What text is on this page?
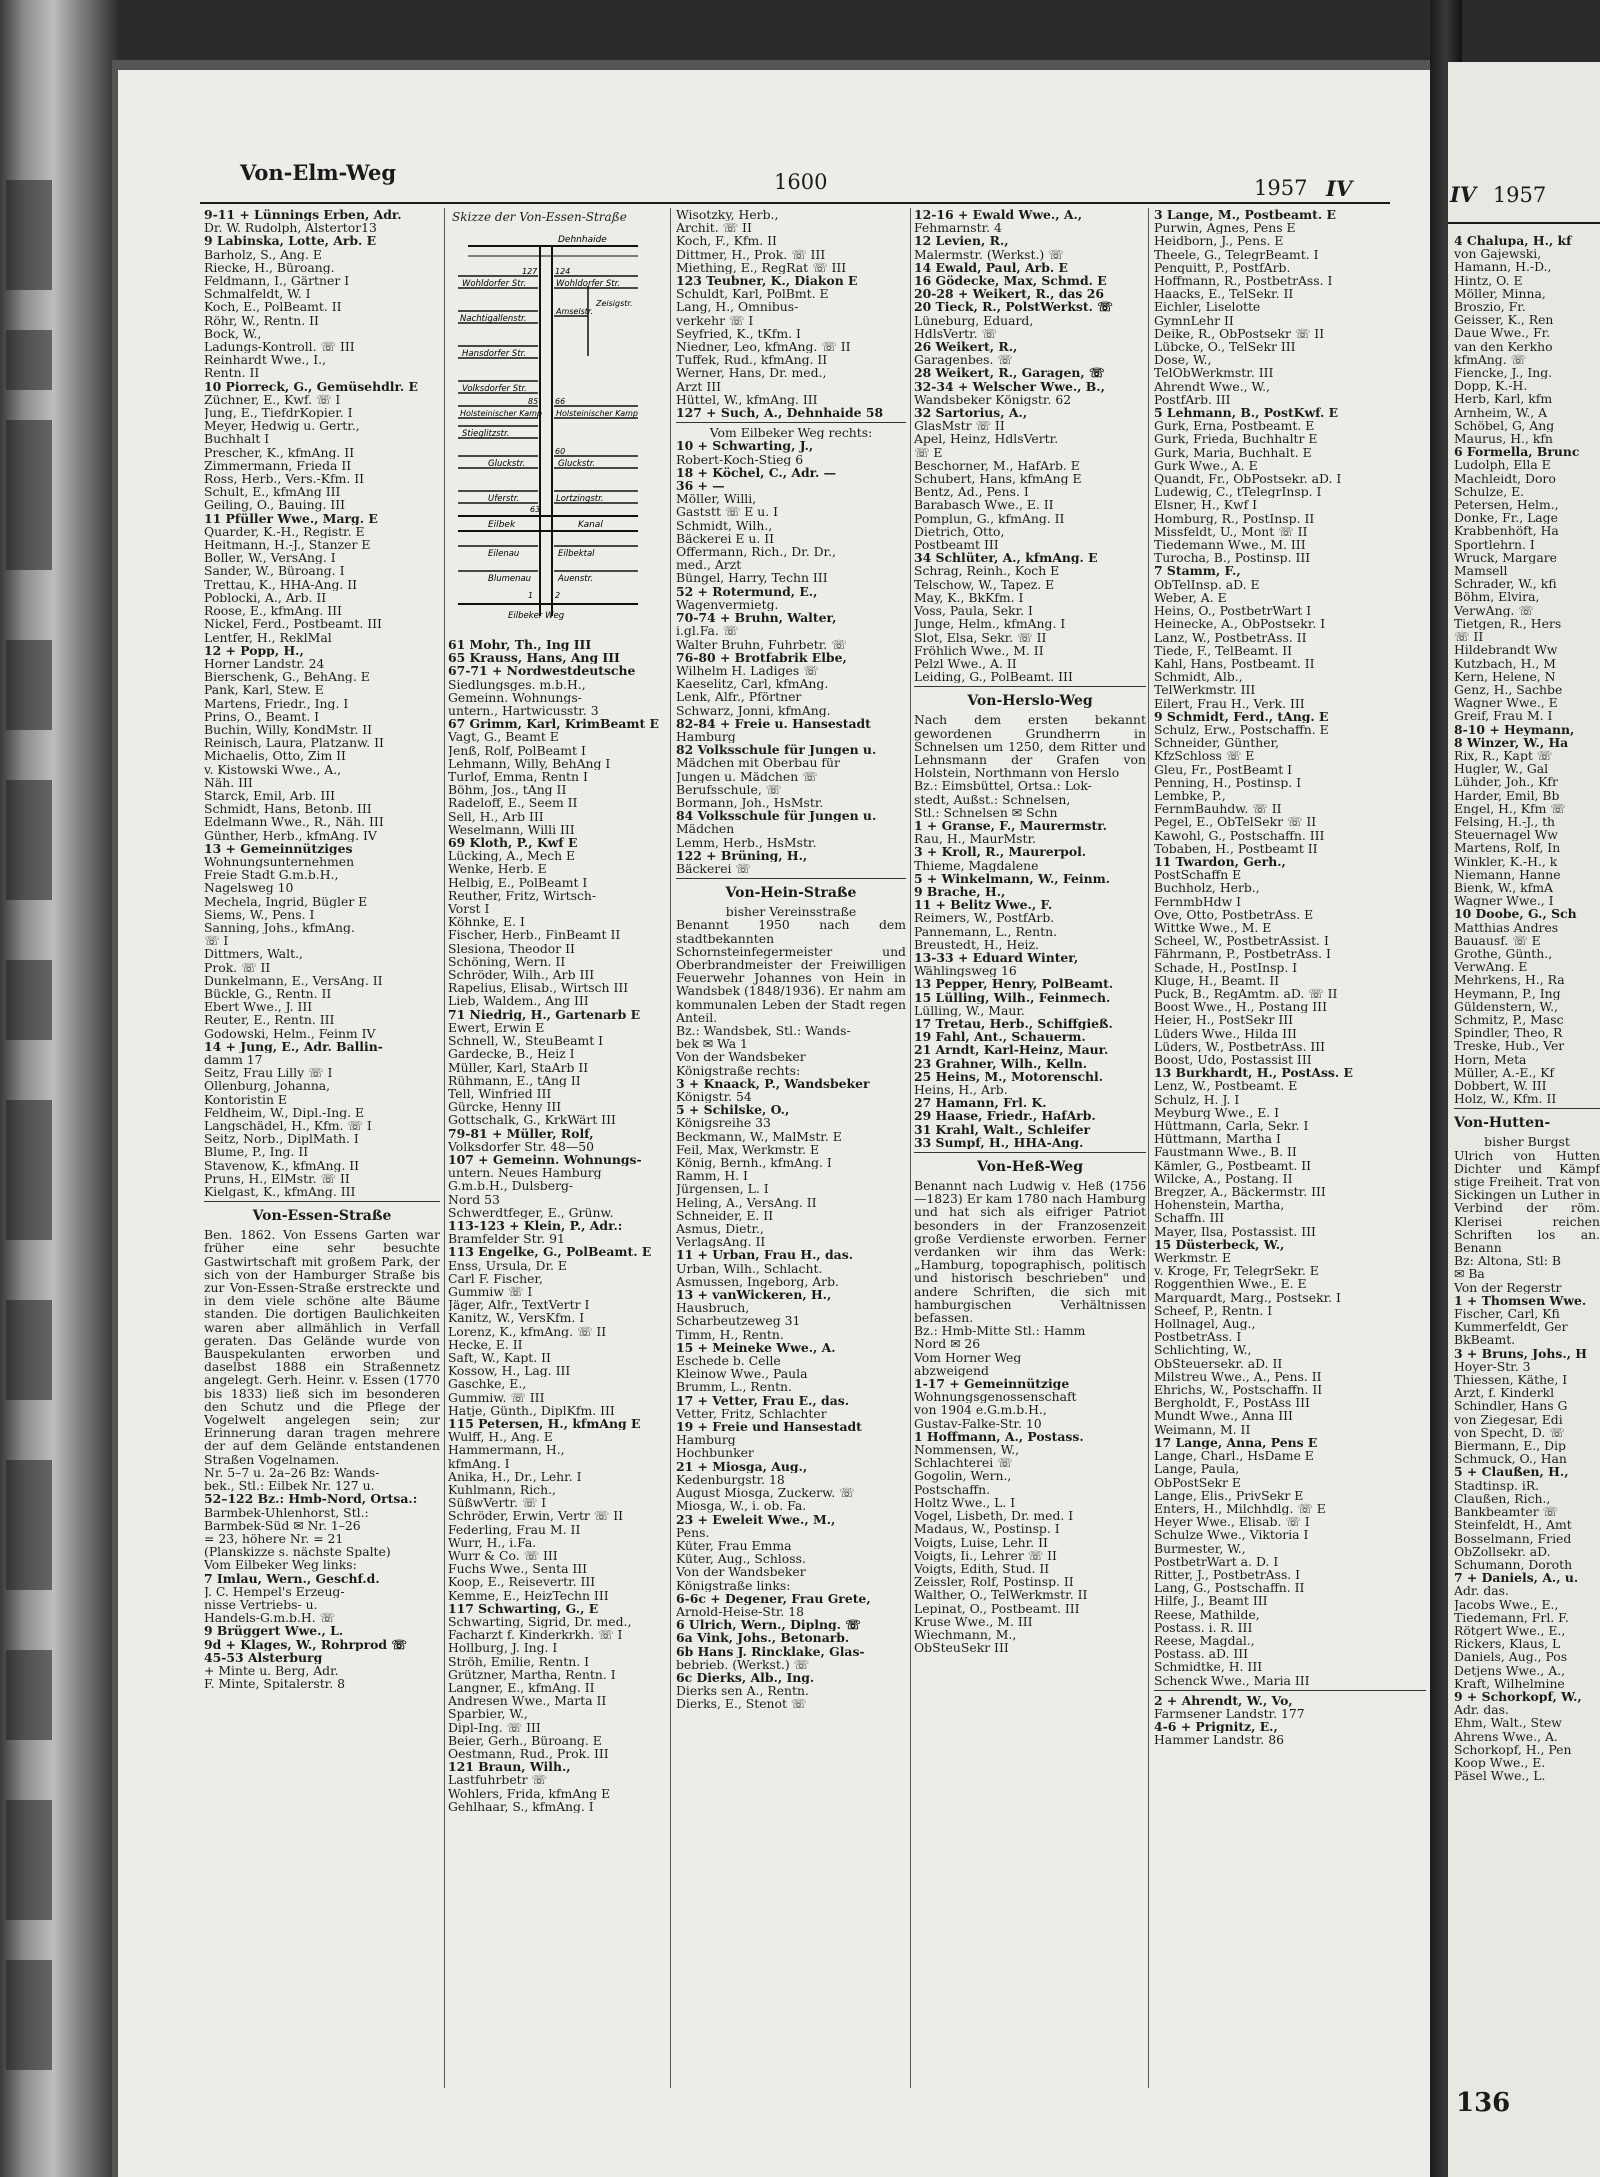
Von-Elm-Weg	1600	1957 IV
9-11 + Lünnings Erben, Adr.
Dr. W. Rudolph, Alstertor13
9 Labinska, Lotte, Arb. E
Barholz, S., Ang. E
Riecke, H., Büroang.
Feldmann, I., Gärtner I
Schmalfeldt, W. I
Koch, E., PolBeamt. II
Röhr, W., Rentn. II
Bock, W.,
Ladungs-Kontroll. ☏ III
Reinhardt Wwe., I.,
Rentn. II
10 Piorreck, G., Gemüsehdlr. E
Züchner, E., Kwf. ☏ I
Jung, E., TiefdrKopier. I
Meyer, Hedwig u. Gertr.,
Buchhalt I
Prescher, K., kfmAng. II
Zimmermann, Frieda II
Ross, Herb., Vers.-Kfm. II
Schult, E., kfmAng III
Geiling, O., Bauing. III
11 Pfüller Wwe., Marg. E
Quarder, K.-H., Registr. E
Heitmann, H.-J., Stanzer E
Boller, W., VersAng. I
Sander, W., Büroang. I
Trettau, K., HHA-Ang. II
Poblocki, A., Arb. II
Roose, E., kfmAng. III
Nickel, Ferd., Postbeamt. III
Lentfer, H., ReklMal
12 + Popp, H.,
Horner Landstr. 24
Bierschenk, G., BehAng. E
Pank, Karl, Stew. E
Martens, Friedr., Ing. I
Prins, O., Beamt. I
Buchin, Willy, KondMstr. II
Reinisch, Laura, Platzanw. II
Michaelis, Otto, Zim II
v. Kistowski Wwe., A.,
Näh. III
Starck, Emil, Arb. III
Schmidt, Hans, Betonb. III
Edelmann Wwe., R., Näh. III
Günther, Herb., kfmAng. IV
13 + Gemeinnütziges
Wohnungsunternehmen
Freie Stadt G.m.b.H.,
Nagelsweg 10
Mechela, Ingrid, Bügler E
Siems, W., Pens. I
Sanning, Johs., kfmAng.
☏ I
Dittmers, Walt.,
Prok. ☏ II
Dunkelmann, E., VersAng. II
Bückle, G., Rentn. II
Ebert Wwe., J. III
Reuter, E., Rentn. III
Godowski, Helm., Feinm IV
14 + Jung, E., Adr. Ballin-
damm 17
Seitz, Frau Lilly ☏ I
Ollenburg, Johanna,
Kontoristin E
Feldheim, W., Dipl.-Ing. E
Langschädel, H., Kfm. ☏ I
Seitz, Norb., DiplMath. I
Blume, P., Ing. II
Stavenow, K., kfmAng. II
Pruns, H., ElMstr. ☏ II
Kielgast, K., kfmAng. III
Von-Essen-Straße
Ben. 1862. Von Essens Garten war früher eine sehr besuchte Gastwirtschaft mit großem Park, der sich von der Hamburger Straße bis zur Von-Essen-Straße erstreckte und in dem viele schöne alte Bäume standen. Die dortigen Baulichkeiten waren aber allmählich in Verfall geraten. Das Gelände wurde von Bauspekulanten erworben und daselbst 1888 ein Straßennetz angelegt. Gerh. Heinr. v. Essen (1770 bis 1833) ließ sich im besonderen den Schutz und die Pflege der Vogelwelt angelegen sein; zur Erinnerung daran tragen mehrere der auf dem Gelände entstandenen Straßen Vogelnamen.
Nr. 5–7 u. 2a–26 Bz: Wands-
bek., Stl.: Eilbek Nr. 127 u.
52–122 Bz.: Hmb-Nord, Ortsa.:
Barmbek-Uhlenhorst, Stl.:
Barmbek-Süd ✉ Nr. 1–26
= 23, höhere Nr. = 21
(Planskizze s. nächste Spalte)
Vom Eilbeker Weg links:
7 Imlau, Wern., Geschf.d.
J. C. Hempel's Erzeug-
nisse Vertriebs- u.
Handels-G.m.b.H. ☏
9 Brüggert Wwe., L.
9d + Klages, W., Rohrprod ☏
45-53 Alsterburg
+ Minte u. Berg, Adr.
F. Minte, Spitalerstr. 8
Dehnhaide
Wohldorfer Str.	Wohldorfer Str.
Nachtigallenstr.
Amselstr.
Zeisigstr.
Hansdorfer Str.
Volksdorfer Str.
Holsteinischer Kamp Holsteinischer Kamp
Stieglitzstr.
Gluckstr.	Gluckstr.
Uferstr.	Lortzingstr.
Eilbek	Kanal
Eilenau	Eilbektal
Blumenau	Auenstr.
Eilbeker Weg
127 124
85 66
60
63
1	2
Skizze der Von-Essen-Straße
61 Mohr, Th., Ing III
65 Krauss, Hans, Ang III
67-71 + Nordwestdeutsche
Siedlungsges. m.b.H.,
Gemeinn. Wohnungs-
untern., Hartwicusstr. 3
67 Grimm, Karl, KrimBeamt E
Vagt, G., Beamt E
Jenß, Rolf, PolBeamt I
Lehmann, Willy, BehAng I
Turlof, Emma, Rentn I
Böhm, Jos., tAng II
Radeloff, E., Seem II
Sell, H., Arb III
Weselmann, Willi III
69 Kloth, P., Kwf E
Lücking, A., Mech E
Wenke, Herb. E
Helbig, E., PolBeamt I
Reuther, Fritz, Wirtsch-
Vorst I
Köhnke, E. I
Fischer, Herb., FinBeamt II
Slesiona, Theodor II
Schöning, Wern. II
Schröder, Wilh., Arb III
Rapelius, Elisab., Wirtsch III
Lieb, Waldem., Ang III
71 Niedrig, H., Gartenarb E
Ewert, Erwin E
Schnell, W., SteuBeamt I
Gardecke, B., Heiz I
Müller, Karl, StaArb II
Rühmann, E., tAng II
Tell, Winfried III
Gürcke, Henny III
Gottschalk, G., KrkWärt III
79-81 + Müller, Rolf,
Volksdorfer Str. 48—50
107 + Gemeinn. Wohnungs-
untern. Neues Hamburg
G.m.b.H., Dulsberg-
Nord 53
Schwerdtfeger, E., Grünw.
113-123 + Klein, P., Adr.:
Bramfelder Str. 91
113 Engelke, G., PolBeamt. E
Enss, Ursula, Dr. E
Carl F. Fischer,
Gummiw ☏ I
Jäger, Alfr., TextVertr I
Kanitz, W., VersKfm. I
Lorenz, K., kfmAng. ☏ II
Hecke, E. II
Saft, W., Kapt. II
Kossow, H., Lag. III
Gaschke, E.,
Gummiw. ☏ III
Hatje, Günth., DiplKfm. III
115 Petersen, H., kfmAng E
Wulff, H., Ang. E
Hammermann, H.,
kfmAng. I
Anika, H., Dr., Lehr. I
Kuhlmann, Rich.,
SüßwVertr. ☏ I
Schröder, Erwin, Vertr ☏ II
Federling, Frau M. II
Wurr, H., i.Fa.
Wurr & Co. ☏ III
Fuchs Wwe., Senta III
Koop, E., Reisevertr. III
Kemme, E., HeizTechn III
117 Schwarting, G., E
Schwarting, Sigrid, Dr. med.,
Facharzt f. Kinderkrkh. ☏ I
Hollburg, J. Ing. I
Ströh, Emilie, Rentn. I
Grützner, Martha, Rentn. I
Langner, E., kfmAng. II
Andresen Wwe., Marta II
Sparbier, W.,
Dipl-Ing. ☏ III
Beier, Gerh., Büroang. E
Oestmann, Rud., Prok. III
121 Braun, Wilh.,
Lastfuhrbetr ☏
Wohlers, Frida, kfmAng E
Gehlhaar, S., kfmAng. I
Wisotzky, Herb.,
Archit. ☏ II
Koch, F., Kfm. II
Dittmer, H., Prok. ☏ III
Miething, E., RegRat ☏ III
123 Teubner, K., Diakon E
Schuldt, Karl, PolBmt. E
Lang, H., Omnibus-
verkehr ☏ I
Seyfried, K., tKfm. I
Niedner, Leo, kfmAng. ☏ II
Tuffek, Rud., kfmAng. II
Werner, Hans, Dr. med.,
Arzt III
Hüttel, W., kfmAng. III
127 + Such, A., Dehnhaide 58
Vom Eilbeker Weg rechts:
10 + Schwarting, J.,
Robert-Koch-Stieg 6
18 + Köchel, C., Adr. —
36 + —
Möller, Willi,
Gaststt ☏ E u. I
Schmidt, Wilh.,
Bäckerei E u. II
Offermann, Rich., Dr. Dr.,
med., Arzt
Büngel, Harry, Techn III
52 + Rotermund, E.,
Wagenvermietg.
70-74 + Bruhn, Walter,
i.gl.Fa. ☏
Walter Bruhn, Fuhrbetr. ☏
76-80 + Brotfabrik Elbe,
Wilhelm H. Ladiges ☏
Kaeselitz, Carl, kfmAng.
Lenk, Alfr., Pförtner
Schwarz, Jonni, kfmAng.
82-84 + Freie u. Hansestadt
Hamburg
82 Volksschule für Jungen u.
Mädchen mit Oberbau für
Jungen u. Mädchen ☏
Berufsschule, ☏
Bormann, Joh., HsMstr.
84 Volksschule für Jungen u.
Mädchen
Lemm, Herb., HsMstr.
122 + Brüning, H.,
Bäckerei ☏
Von-Hein-Straße
bisher Vereinsstraße
Benannt 1950 nach dem stadtbekannten Schornsteinfegermeister und Oberbrandmeister der Freiwilligen Feuerwehr Johannes von Hein in Wandsbek (1848/1936). Er nahm am kommunalen Leben der Stadt regen Anteil.
Bz.: Wandsbek, Stl.: Wands-
bek ✉ Wa 1
Von der Wandsbeker
Königstraße rechts:
3 + Knaack, P., Wandsbeker
Königstr. 54
5 + Schilske, O.,
Königsreihe 33
Beckmann, W., MalMstr. E
Feil, Max, Werkmstr. E
König, Bernh., kfmAng. I
Ramm, H. I
Jürgensen, L. I
Heling, A., VersAng. II
Schneider, E. II
Asmus, Dietr.,
VerlagsAng. II
11 + Urban, Frau H., das.
Urban, Wilh., Schlacht.
Asmussen, Ingeborg, Arb.
13 + vanWickeren, H.,
Hausbruch,
Scharbeutzeweg 31
Timm, H., Rentn.
15 + Meineke Wwe., A.
Eschede b. Celle
Kleinow Wwe., Paula
Brumm, L., Rentn.
17 + Vetter, Frau E., das.
Vetter, Fritz, Schlachter
19 + Freie und Hansestadt
Hamburg
Hochbunker
21 + Miosga, Aug.,
Kedenburgstr. 18
August Miosga, Zuckerw. ☏
Miosga, W., i. ob. Fa.
23 + Eweleit Wwe., M.,
Pens.
Küter, Frau Emma
Küter, Aug., Schloss.
Von der Wandsbeker
Königstraße links:
6-6c + Degener, Frau Grete,
Arnold-Heise-Str. 18
6 Ulrich, Wern., Diplng. ☏
6a Vink, Johs., Betonarb.
6b Hans J. Rincklake, Glas-
bebrieb. (Werkst.) ☏
6c Dierks, Alb., Ing.
Dierks sen A., Rentn.
Dierks, E., Stenot ☏
12-16 + Ewald Wwe., A.,
Fehmarnstr. 4
12 Levien, R.,
Malermstr. (Werkst.) ☏
14 Ewald, Paul, Arb. E
16 Gödecke, Max, Schmd. E
20-28 + Weikert, R., das 26
20 Tieck, R., PolstWerkst. ☏
Lüneburg, Eduard,
HdlsVertr. ☏
26 Weikert, R.,
Garagenbes. ☏
28 Weikert, R., Garagen, ☏
32-34 + Welscher Wwe., B.,
Wandsbeker Königstr. 62
32 Sartorius, A.,
GlasMstr ☏ II
Apel, Heinz, HdlsVertr.
☏ E
Beschorner, M., HafArb. E
Schubert, Hans, kfmAng E
Bentz, Ad., Pens. I
Barabasch Wwe., E. II
Pomplun, G., kfmAng. II
Dietrich, Otto,
Postbeamt III
34 Schlüter, A., kfmAng. E
Schrag, Reinh., Koch E
Telschow, W., Tapez. E
May, K., BkKfm. I
Voss, Paula, Sekr. I
Junge, Helm., kfmAng. I
Slot, Elsa, Sekr. ☏ II
Fröhlich Wwe., M. II
Pelzl Wwe., A. II
Leiding, G., PolBeamt. III
Von-Herslo-Weg
Nach dem ersten bekannt gewordenen Grundherrn in Schnelsen um 1250, dem Ritter und Lehnsmann der Grafen von Holstein, Northmann von Herslo
Bz.: Eimsbüttel, Ortsa.: Lok-
stedt, Außst.: Schnelsen,
Stl.: Schnelsen ✉ Schn
1 + Granse, F., Maurermstr.
Rau, H., MaurMstr.
3 + Kroll, R., Maurerpol.
Thieme, Magdalene
5 + Winkelmann, W., Feinm.
9 Brache, H.,
11 + Belitz Wwe., F.
Reimers, W., PostfArb.
Pannemann, L., Rentn.
Breustedt, H., Heiz.
13-33 + Eduard Winter,
Wählingsweg 16
13 Pepper, Henry, PolBeamt.
15 Lülling, Wilh., Feinmech.
Lülling, W., Maur.
17 Tretau, Herb., Schiffgieß.
19 Fahl, Ant., Schauerm.
21 Arndt, Karl-Heinz, Maur.
23 Grahner, Wilh., Kelln.
25 Heins, M., Motorenschl.
Heins, H., Arb.
27 Hamann, Frl. K.
29 Haase, Friedr., HafArb.
31 Krahl, Walt., Schleifer
33 Sumpf, H., HHA-Ang.
Von-Heß-Weg
Benannt nach Ludwig v. Heß (1756—1823) Er kam 1780 nach Hamburg und hat sich als eifriger Patriot besonders in der Franzosenzeit große Verdienste erworben. Ferner verdanken wir ihm das Werk: „Hamburg, topographisch, politisch und historisch beschrieben" und andere Schriften, die sich mit hamburgischen Verhältnissen befassen.
Bz.: Hmb-Mitte Stl.: Hamm
Nord ✉ 26
Vom Horner Weg
abzweigend
1-17 + Gemeinnützige
Wohnungsgenossenschaft
von 1904 e.G.m.b.H.,
Gustav-Falke-Str. 10
1 Hoffmann, A., Postass.
Nommensen, W.,
Schlachterei ☏
Gogolin, Wern.,
Postschaffn.
Holtz Wwe., L. I
Vogel, Lisbeth, Dr. med. I
Madaus, W., Postinsp. I
Voigts, Luise, Lehr. II
Voigts, Ii., Lehrer ☏ II
Voigts, Edith, Stud. II
Zeissler, Rolf, Postinsp. II
Walther, O., TelWerkmstr. II
Lepinat, O., Postbeamt. III
Kruse Wwe., M. III
Wiechmann, M.,
ObSteuSekr III
3 Lange, M., Postbeamt. E
Purwin, Agnes, Pens E
Heidborn, J., Pens. E
Theele, G., TelegrBeamt. I
Penquitt, P., PostfArb.
Hoffmann, R., PostbetrAss. I
Haacks, E., TelSekr. II
Eichler, Liselotte
GymnLehr II
Deike, R., ObPostsekr ☏ II
Lübcke, O., TelSekr III
Dose, W.,
TelObWerkmstr. III
Ahrendt Wwe., W.,
PostfArb. III
5 Lehmann, B., PostKwf. E
Gurk, Erna, Postbeamt. E
Gurk, Frieda, Buchhaltr E
Gurk, Maria, Buchhalt. E
Gurk Wwe., A. E
Quandt, Fr., ObPostsekr. aD. I
Ludewig, C., tTelegrInsp. I
Elsner, H., Kwf I
Homburg, R., PostInsp. II
Missfeldt, U., Mont ☏ II
Tiedemann Wwe., M. III
Turocha, B., Postinsp. III
7 Stamm, F.,
ObTelInsp. aD. E
Weber, A. E
Heins, O., PostbetrWart I
Heinecke, A., ObPostsekr. I
Lanz, W., PostbetrAss. II
Tiede, F., TelBeamt. II
Kahl, Hans, Postbeamt. II
Schmidt, Alb.,
TelWerkmstr. III
Eilert, Frau H., Verk. III
9 Schmidt, Ferd., tAng. E
Schulz, Erw., Postschaffn. E
Schneider, Günther,
KfzSchloss ☏ E
Gleu, Fr., PostBeamt I
Penning, H., Postinsp. I
Lembke, P.,
FernmBauhdw. ☏ II
Pegel, E., ObTelSekr ☏ II
Kawohl, G., Postschaffn. III
Tobaben, H., Postbeamt II
11 Twardon, Gerh.,
PostSchaffn E
Buchholz, Herb.,
FernmbHdw I
Ove, Otto, PostbetrAss. E
Wittke Wwe., M. E
Scheel, W., PostbetrAssist. I
Fährmann, P., PostbetrAss. I
Schade, H., PostInsp. I
Kluge, H., Beamt. II
Puck, B., RegAmtm. aD. ☏ II
Boost Wwe., H., Postang III
Heier, H., PostSekr III
Lüders Wwe., Hilda III
Lüders, W., PostbetrAss. III
Boost, Udo, Postassist III
13 Burkhardt, H., PostAss. E
Lenz, W., Postbeamt. E
Schulz, H. J. I
Meyburg Wwe., E. I
Hüttmann, Carla, Sekr. I
Hüttmann, Martha I
Faustmann Wwe., B. II
Kämler, G., Postbeamt. II
Wilcke, A., Postang. II
Bregzer, A., Bäckermstr. III
Hohenstein, Martha,
Schaffn. III
Mayer, Ilsa, Postassist. III
15 Düsterbeck, W.,
Werkmstr. E
v. Kroge, Fr, TelegrSekr. E
Roggenthien Wwe., E. E
Marquardt, Marg., Postsekr. I
Scheef, P., Rentn. I
Hollnagel, Aug.,
PostbetrAss. I
Schlichting, W.,
ObSteuersekr. aD. II
Milstreu Wwe., A., Pens. II
Ehrichs, W., Postschaffn. II
Bergholdt, F., PostAss III
Mundt Wwe., Anna III
Weimann, M. II
17 Lange, Anna, Pens E
Lange, Charl., HsDame E
Lange, Paula,
ObPostSekr E
Lange, Elis., PrivSekr E
Enters, H., Milchhdlg. ☏ E
Heyer Wwe., Elisab. ☏ I
Schulze Wwe., Viktoria I
Burmester, W.,
PostbetrWart a. D. I
Ritter, J., PostbetrAss. I
Lang, G., Postschaffn. II
Hilfe, J., Beamt III
Reese, Mathilde,
Postass. i. R. III
Reese, Magdal.,
Postass. aD. III
Schmidtke, H. III
Schenck Wwe., Maria III
2 + Ahrendt, W., Vo,
Farmsener Landstr. 177
4-6 + Prignitz, E.,
Hammer Landstr. 86
IV 1957
4 Chalupa, H., kf
von Gajewski,
Hamann, H.-D.,
Hintz, O. E
Möller, Minna,
Broszio, Fr.
Geisser, K., Ren
Daue Wwe., Fr.
van den Kerkho
kfmAng. ☏
Fiencke, J., Ing.
Dopp, K.-H.
Herb, Karl, kfm
Arnheim, W., A
Schöbel, G, Ang
Maurus, H., kfn
6 Formella, Brunc
Ludolph, Ella E
Machleidt, Doro
Schulze, E.
Petersen, Helm.,
Donke, Fr., Lage
Krabbenhöft, Ha
Sportlehrn. I
Wruck, Margare
Mamsell
Schrader, W., kfi
Böhm, Elvira,
VerwAng. ☏
Tietgen, R., Hers
☏ II
Hildebrandt Ww
Kutzbach, H., M
Kern, Helene, N
Genz, H., Sachbe
Wagner Wwe., E
Greif, Frau M. I
8-10 + Heymann,
8 Winzer, W., Ha
Rix, R., Kapt ☏
Hugler, W., Gal
Lühder, Joh., Kfr
Harder, Emil, Bb
Engel, H., Kfm ☏
Felsing, H.-J., th
Steuernagel Ww
Martens, Rolf, In
Winkler, K.-H., k
Niemann, Hanne
Bienk, W., kfmA
Wagner Wwe., I
10 Doobe, G., Sch
Matthias Andres
Bauausf. ☏ E
Grothe, Günth.,
VerwAng. E
Mehrkens, H., Ra
Heymann, P., Ing
Güldenstern, W.,
Schmitz, P., Masc
Spindler, Theo, R
Treske, Hub., Ver
Horn, Meta
Müller, A.-E., Kf
Dobbert, W. III
Holz, W., Kfm. II
Von-Hutten-
bisher Burgst
Ulrich von Hutten Dichter und Kämpf stige Freiheit. Trat von Sickingen un Luther in Verbind der röm. Klerisei reichen Schriften los an. Benann
Bz: Altona, Stl: B
✉ Ba
Von der Regerstr
1 + Thomsen Wwe.
Fischer, Carl, Kfi
Kummerfeldt, Ger
BkBeamt.
3 + Bruns, Johs., H
Hoyer-Str. 3
Thiessen, Käthe, I
Arzt, f. Kinderkl
Schindler, Hans G
von Ziegesar, Edi
von Specht, D. ☏
Biermann, E., Dip
Schmuck, O., Han
5 + Claußen, H.,
Stadtinsp. iR.
Claußen, Rich.,
Bankbeamter ☏
Steinfeldt, H., Amt
Bosselmann, Fried
ObZollsekr. aD.
Schumann, Doroth
7 + Daniels, A., u.
Adr. das.
Jacobs Wwe., E.,
Tiedemann, Frl. F.
Rötgert Wwe., E.,
Rickers, Klaus, L
Daniels, Aug., Pos
Detjens Wwe., A.,
Kraft, Wilhelmine
9 + Schorkopf, W.,
Adr. das.
Ehm, Walt., Stew
Ahrens Wwe., A.
Schorkopf, H., Pen
Koop Wwe., E.
Päsel Wwe., L.
136
